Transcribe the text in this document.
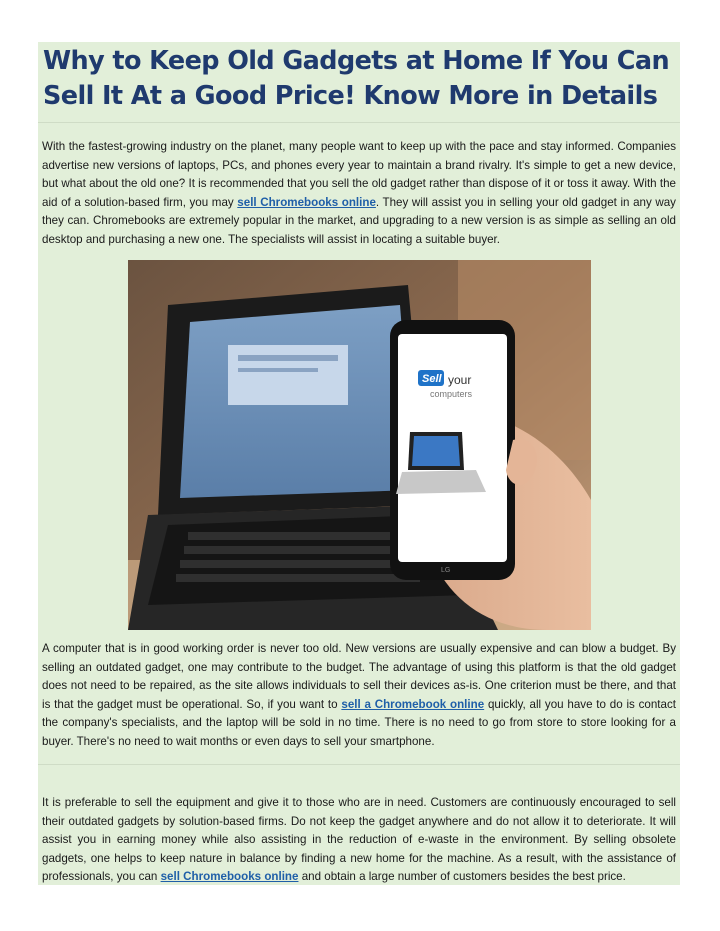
Why to Keep Old Gadgets at Home If You Can Sell It At a Good Price! Know More in Details

With the fastest-growing industry on the planet, many people want to keep up with the pace and stay informed. Companies advertise new versions of laptops, PCs, and phones every year to maintain a brand rivalry. It's simple to get a new device, but what about the old one? It is recommended that you sell the old gadget rather than dispose of it or toss it away. With the aid of a solution-based firm, you may sell Chromebooks online. They will assist you in selling your old gadget in any way they can. Chromebooks are extremely popular in the market, and upgrading to a new version is as simple as selling an old desktop and purchasing a new one. The specialists will assist in locating a suitable buyer.

Sell your
computers
LG

A computer that is in good working order is never too old. New versions are usually expensive and can blow a budget. By selling an outdated gadget, one may contribute to the budget. The advantage of using this platform is that the old gadget does not need to be repaired, as the site allows individuals to sell their devices as-is. One criterion must be there, and that is that the gadget must be operational. So, if you want to sell a Chromebook online quickly, all you have to do is contact the company's specialists, and the laptop will be sold in no time. There is no need to go from store to store looking for a buyer. There's no need to wait months or even days to sell your smartphone.

It is preferable to sell the equipment and give it to those who are in need. Customers are continuously encouraged to sell their outdated gadgets by solution-based firms. Do not keep the gadget anywhere and do not allow it to deteriorate. It will assist you in earning money while also assisting in the reduction of e-waste in the environment. By selling obsolete gadgets, one helps to keep nature in balance by finding a new home for the machine. As a result, with the assistance of professionals, you can sell Chromebooks online and obtain a large number of customers besides the best price.
